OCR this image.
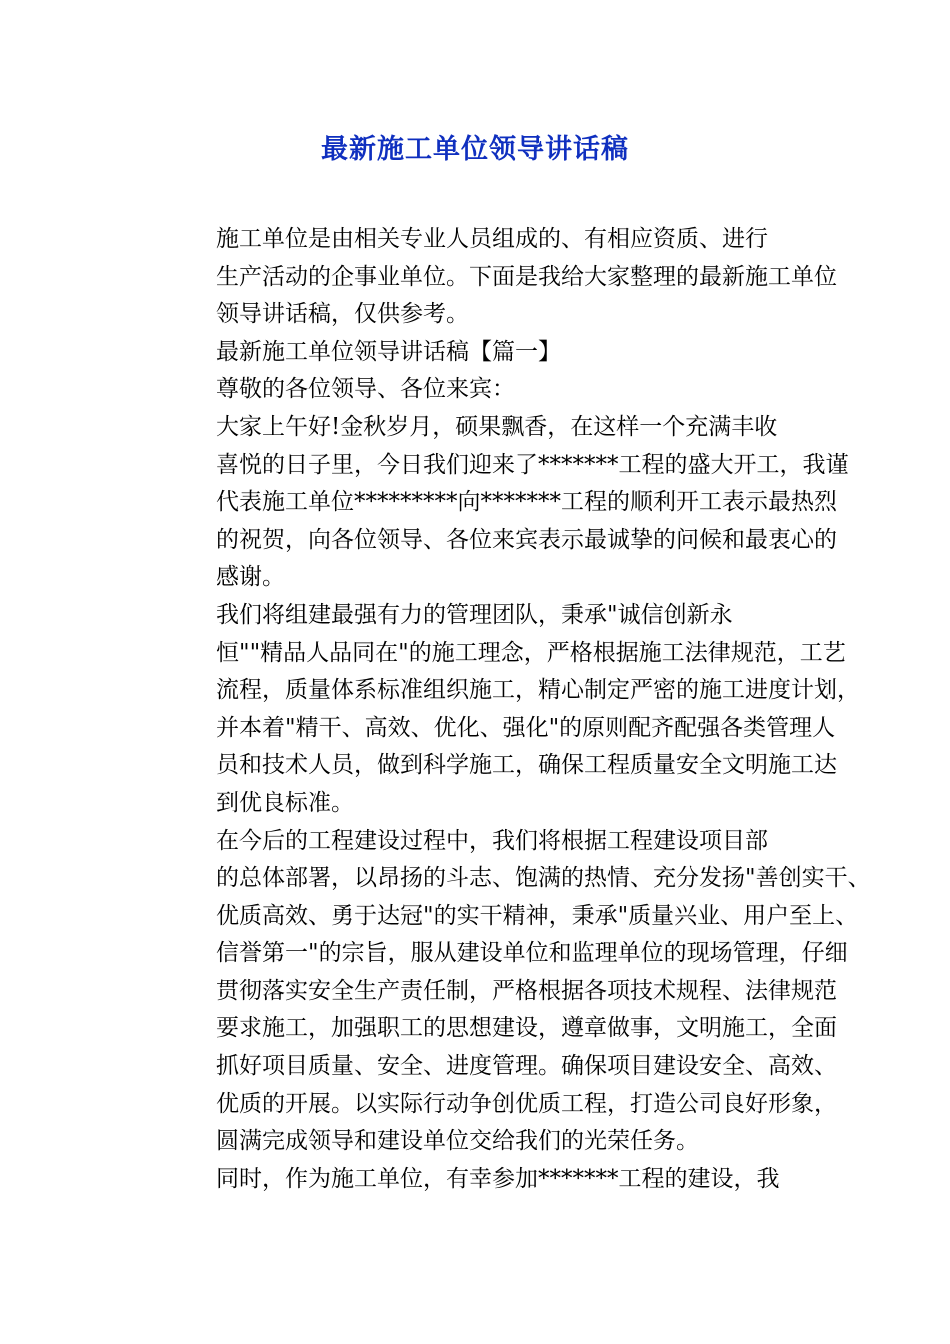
最新施工单位领导讲话稿

施工单位是由相关专业人员组成的、有相应资质、进行
生产活动的企事业单位。下面是我给大家整理的最新施工单位
领导讲话稿，仅供参考。

最新施工单位领导讲话稿【篇一】

尊敬的各位领导、各位来宾：

大家上午好!金秋岁月，硕果飘香，在这样一个充满丰收
喜悦的日子里，今日我们迎来了*******工程的盛大开工，我谨
代表施工单位*********向*******工程的顺利开工表示最热烈
的祝贺，向各位领导、各位来宾表示最诚挚的问候和最衷心的
感谢。

我们将组建最强有力的管理团队，秉承"诚信创新永
恒""精品人品同在"的施工理念，严格根据施工法律规范，工艺
流程，质量体系标准组织施工，精心制定严密的施工进度计划，
并本着"精干、高效、优化、强化"的原则配齐配强各类管理人
员和技术人员，做到科学施工，确保工程质量安全文明施工达
到优良标准。

在今后的工程建设过程中，我们将根据工程建设项目部
的总体部署，以昂扬的斗志、饱满的热情、充分发扬"善创实干、
优质高效、勇于达冠"的实干精神，秉承"质量兴业、用户至上、
信誉第一"的宗旨，服从建设单位和监理单位的现场管理，仔细
贯彻落实安全生产责任制，严格根据各项技术规程、法律规范
要求施工，加强职工的思想建设，遵章做事，文明施工，全面
抓好项目质量、安全、进度管理。确保项目建设安全、高效、
优质的开展。以实际行动争创优质工程，打造公司良好形象，
圆满完成领导和建设单位交给我们的光荣任务。

同时，作为施工单位，有幸参加*******工程的建设，我
